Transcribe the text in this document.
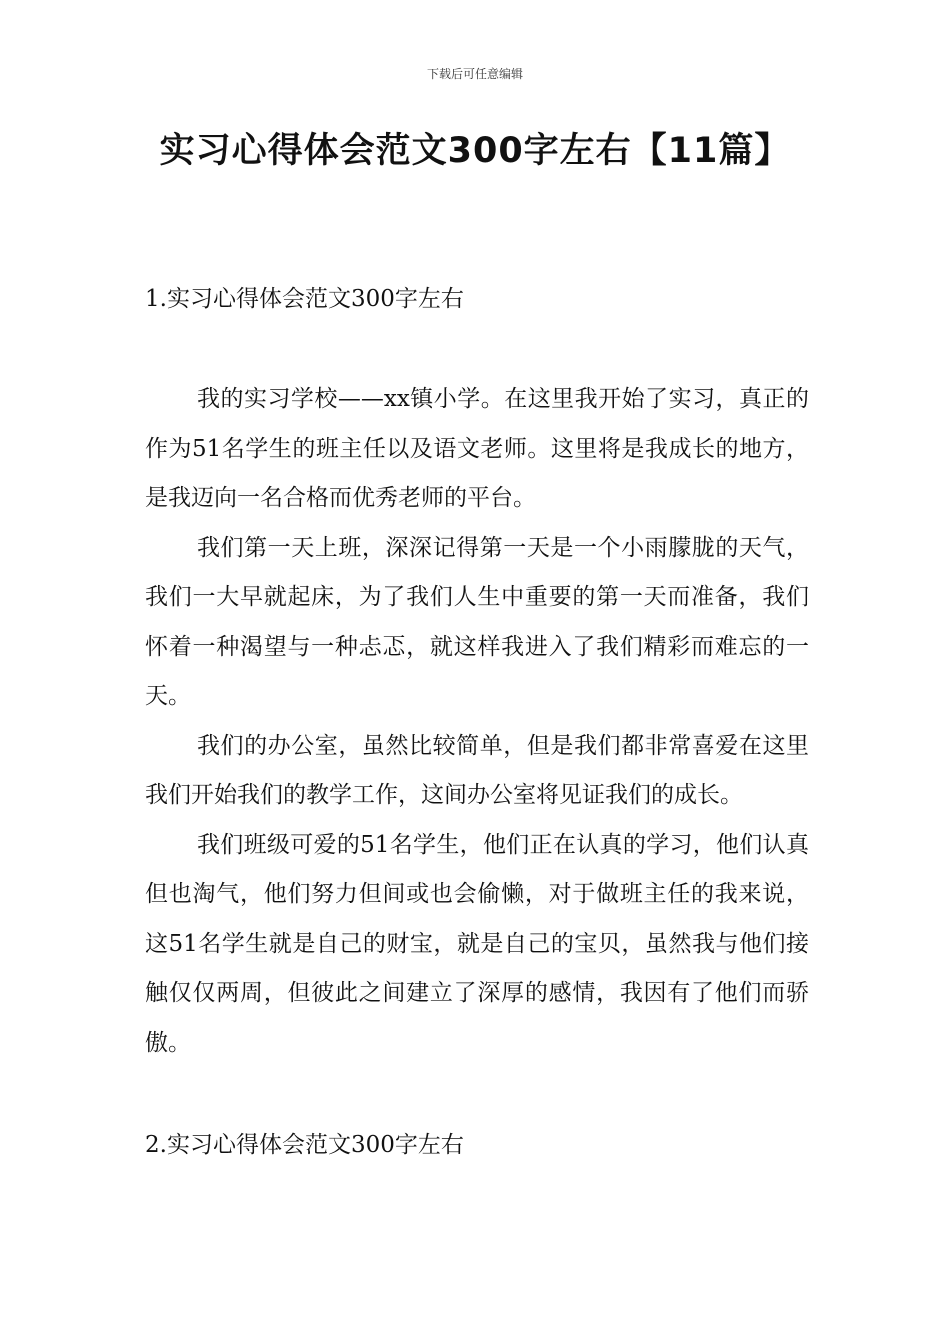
下载后可任意编辑
实习心得体会范文300字左右【11篇】
1.实习心得体会范文300字左右

我的实习学校——xx镇小学。在这里我开始了实习，真正的作为51名学生的班主任以及语文老师。这里将是我成长的地方，是我迈向一名合格而优秀老师的平台。

我们第一天上班，深深记得第一天是一个小雨朦胧的天气，我们一大早就起床，为了我们人生中重要的第一天而准备，我们怀着一种渴望与一种忐忑，就这样我进入了我们精彩而难忘的一天。

我们的办公室，虽然比较简单，但是我们都非常喜爱在这里我们开始我们的教学工作，这间办公室将见证我们的成长。

我们班级可爱的51名学生，他们正在认真的学习，他们认真但也淘气，他们努力但间或也会偷懒，对于做班主任的我来说，这51名学生就是自己的财宝，就是自己的宝贝，虽然我与他们接触仅仅两周，但彼此之间建立了深厚的感情，我因有了他们而骄傲。

2.实习心得体会范文300字左右
